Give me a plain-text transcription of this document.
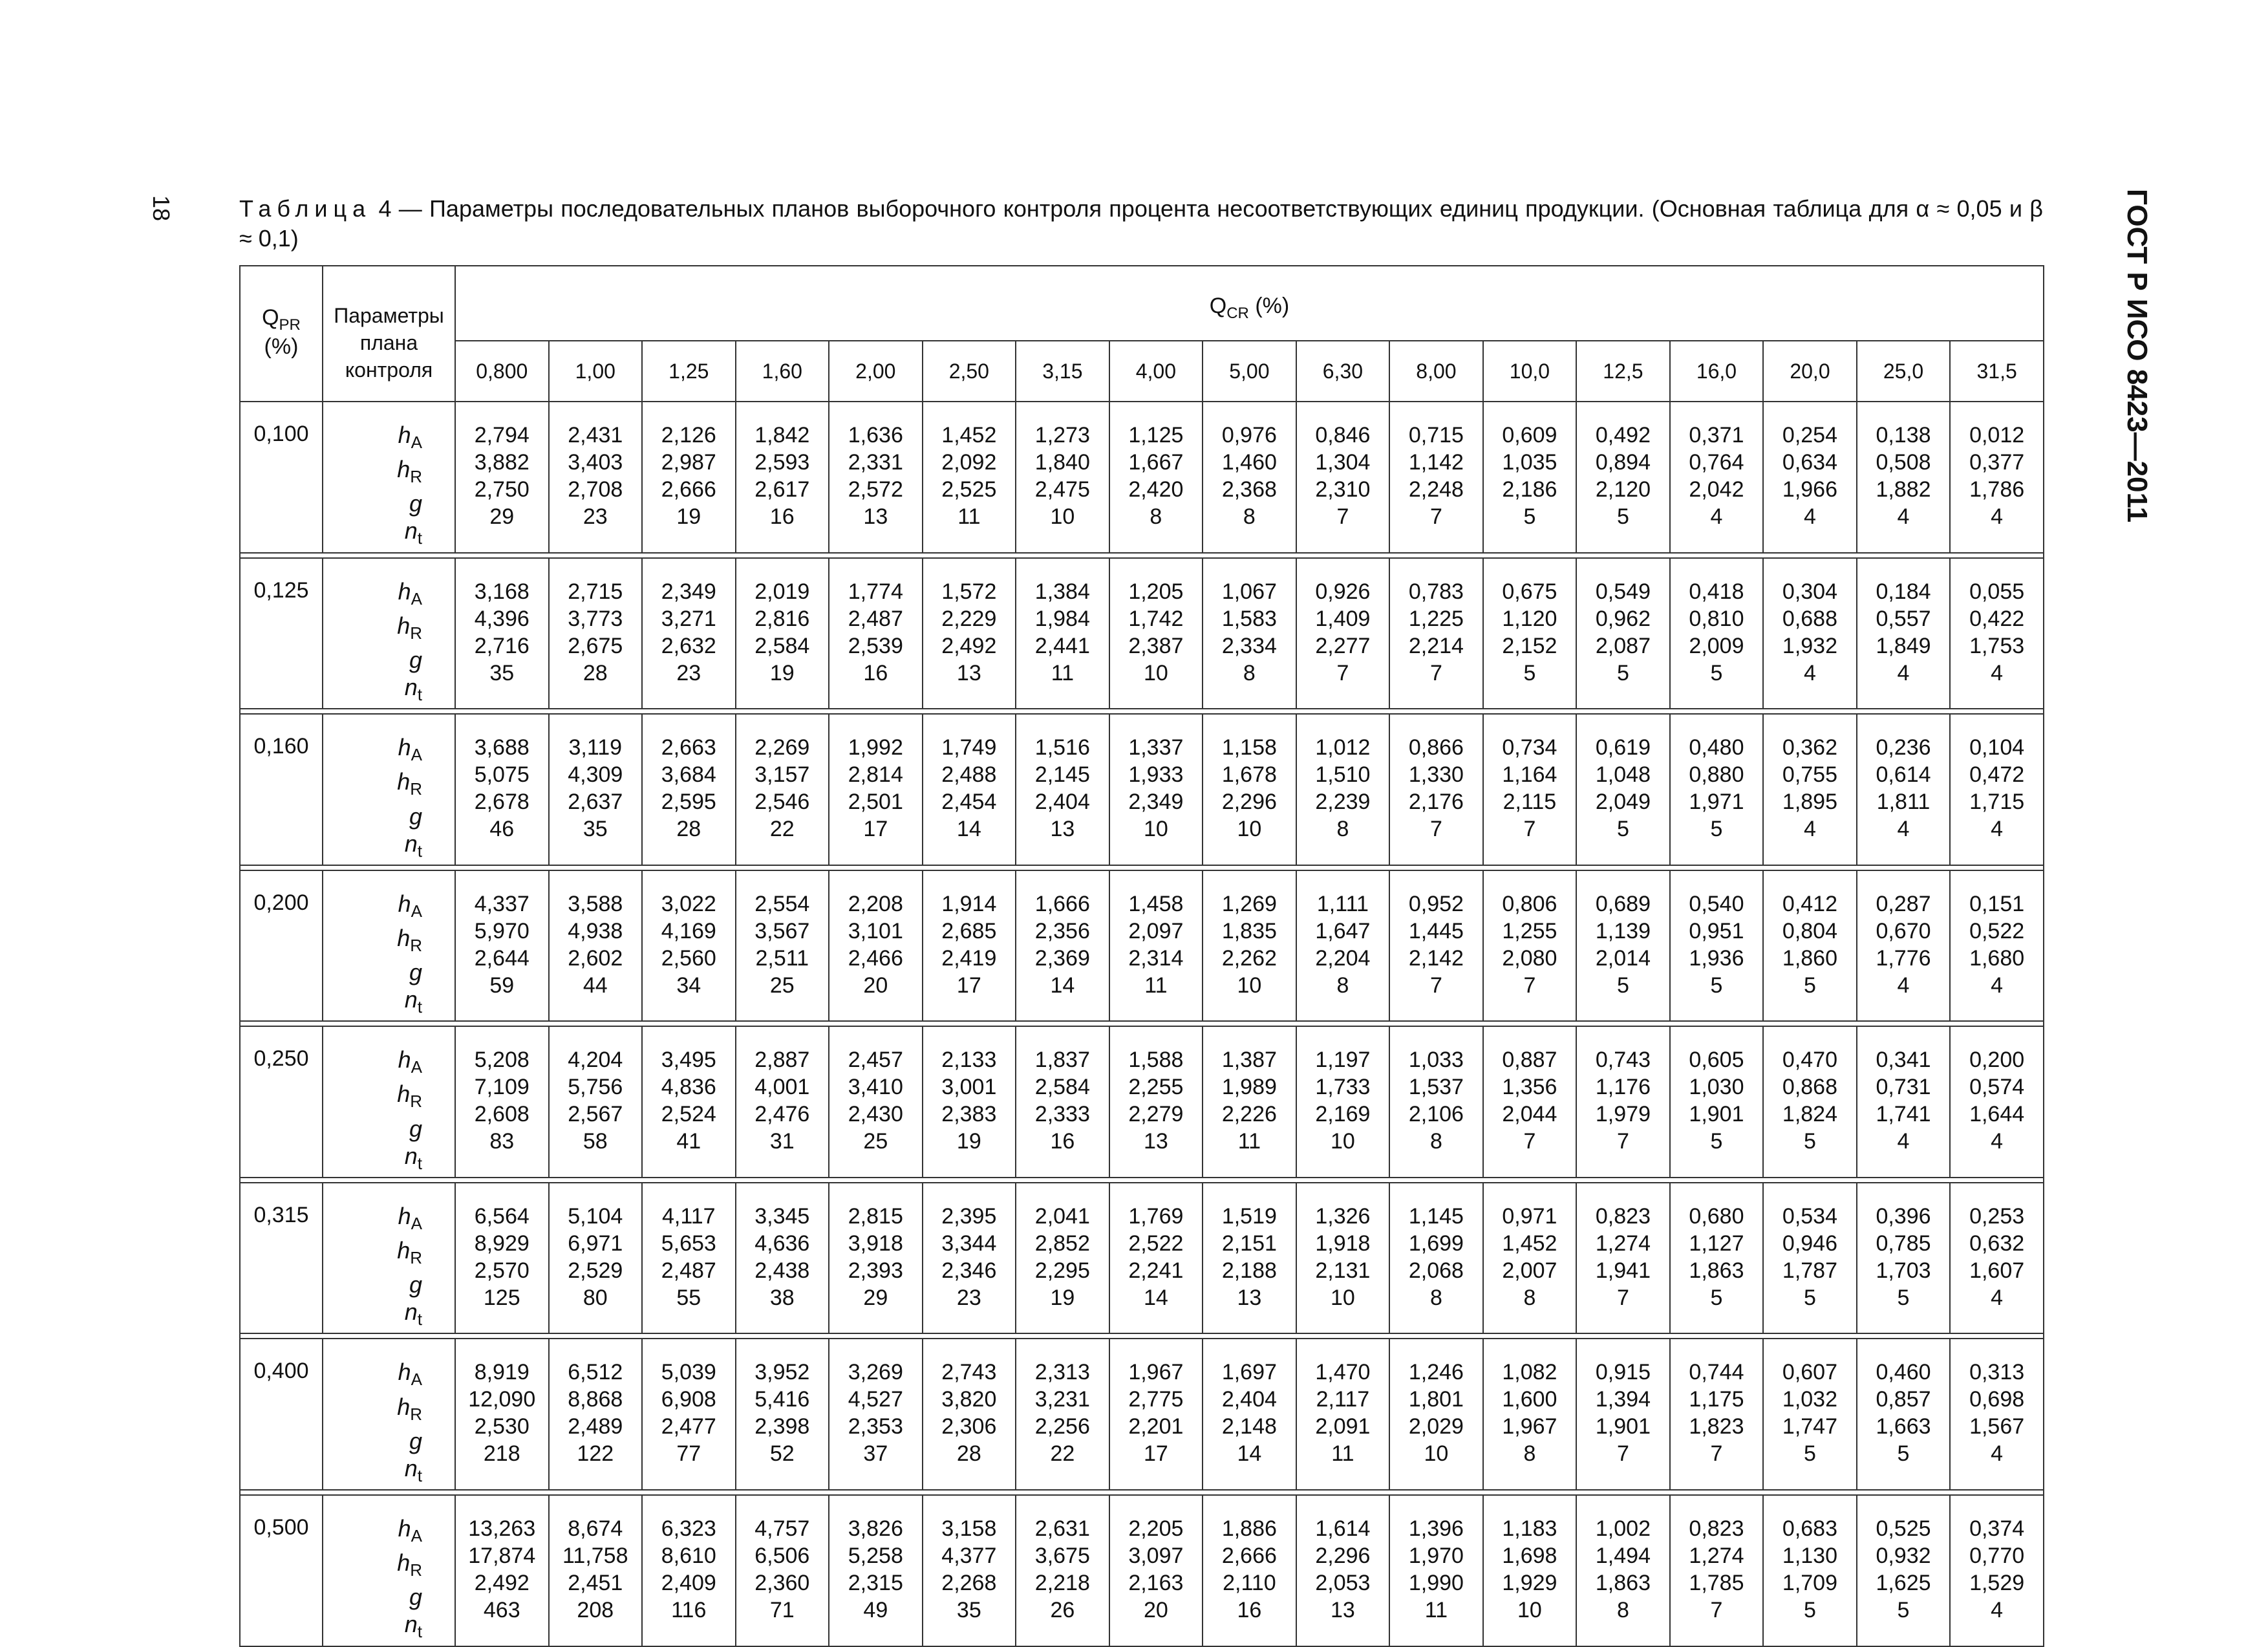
18	ГОСТ Р ИСО 8423—2011
Таблица 4 — Параметры последовательных планов выборочного контроля процента несоответствующих единиц продукции. (Основная таблица для α ≈ 0,05 и β ≈ 0,1)
$Q_{PR}$
(%)	Параметры плана контроля	$Q_{CR}$ (%)																
		0,800	1,00	1,25	1,60	2,00	2,50	3,15	4,00	5,00	6,30	8,00	10,0	12,5	16,0	20,0	25,0	31,5
0,100	$h_A$
$h_R$
g
$n_t$	2,794
3,882
2,750
29	2,431
3,403
2,708
23	2,126
2,987
2,666
19	1,842
2,593
2,617
16	1,636
2,331
2,572
13	1,452
2,092
2,525
11	1,273
1,840
2,475
10	1,125
1,667
2,420
8	0,976
1,460
2,368
8	0,846
1,304
2,310
7	0,715
1,142
2,248
7	0,609
1,035
2,186
5	0,492
0,894
2,120
5	0,371
0,764
2,042
4	0,254
0,634
1,966
4	0,138
0,508
1,882
4	0,012
0,377
1,786
4

0,125	$h_A$
$h_R$
g
$n_t$	3,168
4,396
2,716
35	2,715
3,773
2,675
28	2,349
3,271
2,632
23	2,019
2,816
2,584
19	1,774
2,487
2,539
16	1,572
2,229
2,492
13	1,384
1,984
2,441
11	1,205
1,742
2,387
10	1,067
1,583
2,334
8	0,926
1,409
2,277
7	0,783
1,225
2,214
7	0,675
1,120
2,152
5	0,549
0,962
2,087
5	0,418
0,810
2,009
5	0,304
0,688
1,932
4	0,184
0,557
1,849
4	0,055
0,422
1,753
4

0,160	$h_A$
$h_R$
g
$n_t$	3,688
5,075
2,678
46	3,119
4,309
2,637
35	2,663
3,684
2,595
28	2,269
3,157
2,546
22	1,992
2,814
2,501
17	1,749
2,488
2,454
14	1,516
2,145
2,404
13	1,337
1,933
2,349
10	1,158
1,678
2,296
10	1,012
1,510
2,239
8	0,866
1,330
2,176
7	0,734
1,164
2,115
7	0,619
1,048
2,049
5	0,480
0,880
1,971
5	0,362
0,755
1,895
4	0,236
0,614
1,811
4	0,104
0,472
1,715
4

0,200	$h_A$
$h_R$
g
$n_t$	4,337
5,970
2,644
59	3,588
4,938
2,602
44	3,022
4,169
2,560
34	2,554
3,567
2,511
25	2,208
3,101
2,466
20	1,914
2,685
2,419
17	1,666
2,356
2,369
14	1,458
2,097
2,314
11	1,269
1,835
2,262
10	1,111
1,647
2,204
8	0,952
1,445
2,142
7	0,806
1,255
2,080
7	0,689
1,139
2,014
5	0,540
0,951
1,936
5	0,412
0,804
1,860
5	0,287
0,670
1,776
4	0,151
0,522
1,680
4

0,250	$h_A$
$h_R$
g
$n_t$	5,208
7,109
2,608
83	4,204
5,756
2,567
58	3,495
4,836
2,524
41	2,887
4,001
2,476
31	2,457
3,410
2,430
25	2,133
3,001
2,383
19	1,837
2,584
2,333
16	1,588
2,255
2,279
13	1,387
1,989
2,226
11	1,197
1,733
2,169
10	1,033
1,537
2,106
8	0,887
1,356
2,044
7	0,743
1,176
1,979
7	0,605
1,030
1,901
5	0,470
0,868
1,824
5	0,341
0,731
1,741
4	0,200
0,574
1,644
4

0,315	$h_A$
$h_R$
g
$n_t$	6,564
8,929
2,570
125	5,104
6,971
2,529
80	4,117
5,653
2,487
55	3,345
4,636
2,438
38	2,815
3,918
2,393
29	2,395
3,344
2,346
23	2,041
2,852
2,295
19	1,769
2,522
2,241
14	1,519
2,151
2,188
13	1,326
1,918
2,131
10	1,145
1,699
2,068
8	0,971
1,452
2,007
8	0,823
1,274
1,941
7	0,680
1,127
1,863
5	0,534
0,946
1,787
5	0,396
0,785
1,703
5	0,253
0,632
1,607
4

0,400	$h_A$
$h_R$
g
$n_t$	8,919
12,090
2,530
218	6,512
8,868
2,489
122	5,039
6,908
2,477
77	3,952
5,416
2,398
52	3,269
4,527
2,353
37	2,743
3,820
2,306
28	2,313
3,231
2,256
22	1,967
2,775
2,201
17	1,697
2,404
2,148
14	1,470
2,117
2,091
11	1,246
1,801
2,029
10	1,082
1,600
1,967
8	0,915
1,394
1,901
7	0,744
1,175
1,823
7	0,607
1,032
1,747
5	0,460
0,857
1,663
5	0,313
0,698
1,567
4

0,500	$h_A$
$h_R$
g
$n_t$	13,263
17,874
2,492
463	8,674
11,758
2,451
208	6,323
8,610
2,409
116	4,757
6,506
2,360
71	3,826
5,258
2,315
49	3,158
4,377
2,268
35	2,631
3,675
2,218
26	2,205
3,097
2,163
20	1,886
2,666
2,110
16	1,614
2,296
2,053
13	1,396
1,970
1,990
11	1,183
1,698
1,929
10	1,002
1,494
1,863
8	0,823
1,274
1,785
7	0,683
1,130
1,709
5	0,525
0,932
1,625
5	0,374
0,770
1,529
4
